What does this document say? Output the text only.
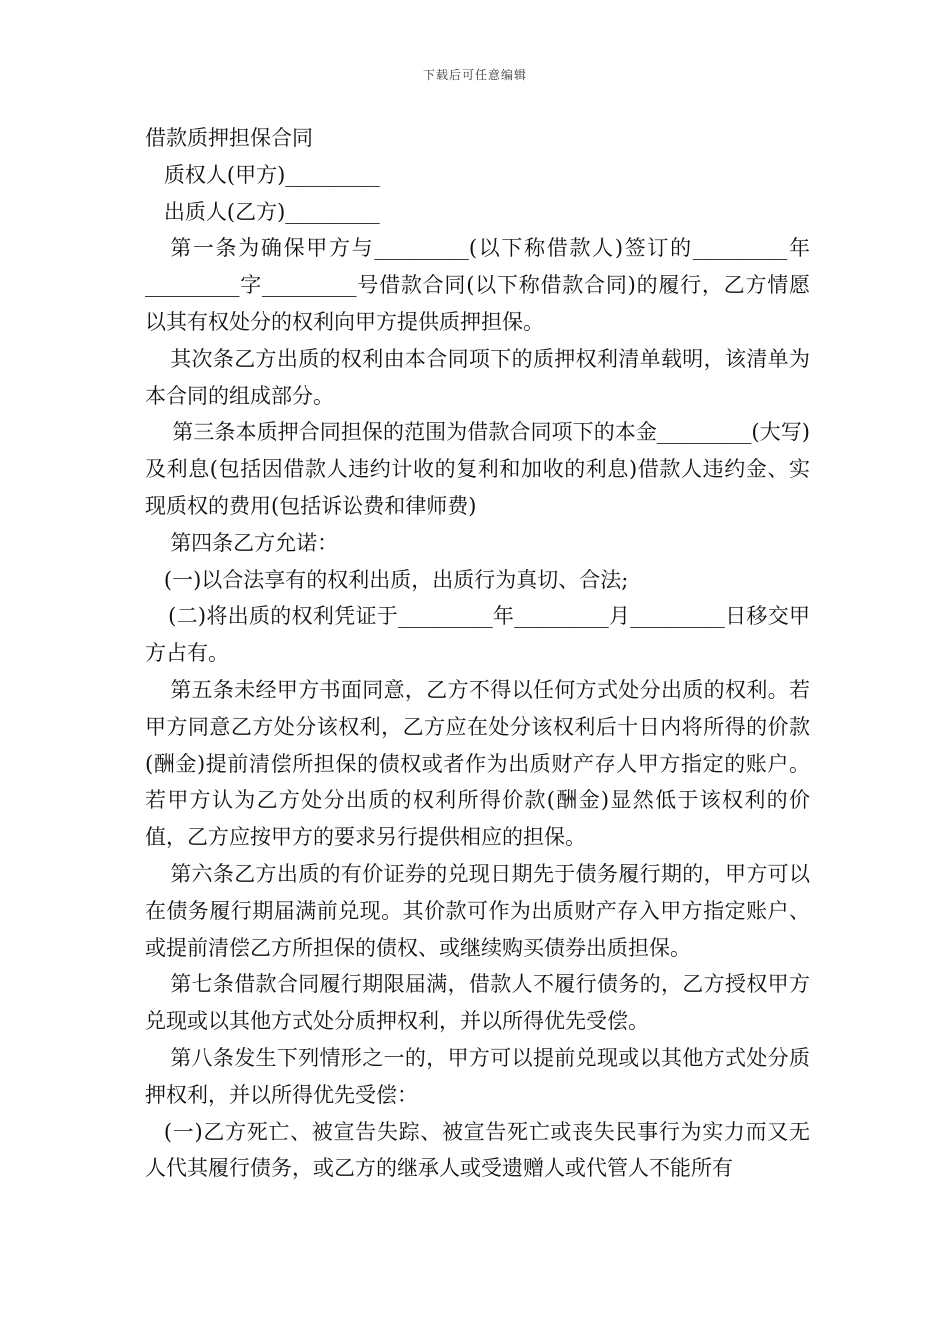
下载后可任意编辑
借款质押担保合同
质权人(甲方)_________
出质人(乙方)_________
第一条为确保甲方与_________(以下称借款人)签订的_________年_________字_________号借款合同(以下称借款合同)的履行，乙方情愿以其有权处分的权利向甲方提供质押担保。
其次条乙方出质的权利由本合同项下的质押权利清单载明，该清单为本合同的组成部分。
第三条本质押合同担保的范围为借款合同项下的本金_________(大写)及利息(包括因借款人违约计收的复利和加收的利息)借款人违约金、实现质权的费用(包括诉讼费和律师费)
第四条乙方允诺：
(一)以合法享有的权利出质，出质行为真切、合法;
(二)将出质的权利凭证于_________年_________月_________日移交甲方占有。
第五条未经甲方书面同意，乙方不得以任何方式处分出质的权利。若甲方同意乙方处分该权利，乙方应在处分该权利后十日内将所得的价款(酬金)提前清偿所担保的债权或者作为出质财产存人甲方指定的账户。若甲方认为乙方处分出质的权利所得价款(酬金)显然低于该权利的价值，乙方应按甲方的要求另行提供相应的担保。
第六条乙方出质的有价证券的兑现日期先于债务履行期的，甲方可以在债务履行期届满前兑现。其价款可作为出质财产存入甲方指定账户、或提前清偿乙方所担保的债权、或继续购买债券出质担保。
第七条借款合同履行期限届满，借款人不履行债务的，乙方授权甲方兑现或以其他方式处分质押权利，并以所得优先受偿。
第八条发生下列情形之一的，甲方可以提前兑现或以其他方式处分质押权利，并以所得优先受偿：
(一)乙方死亡、被宣告失踪、被宣告死亡或丧失民事行为实力而又无人代其履行债务，或乙方的继承人或受遗赠人或代管人不能所有
